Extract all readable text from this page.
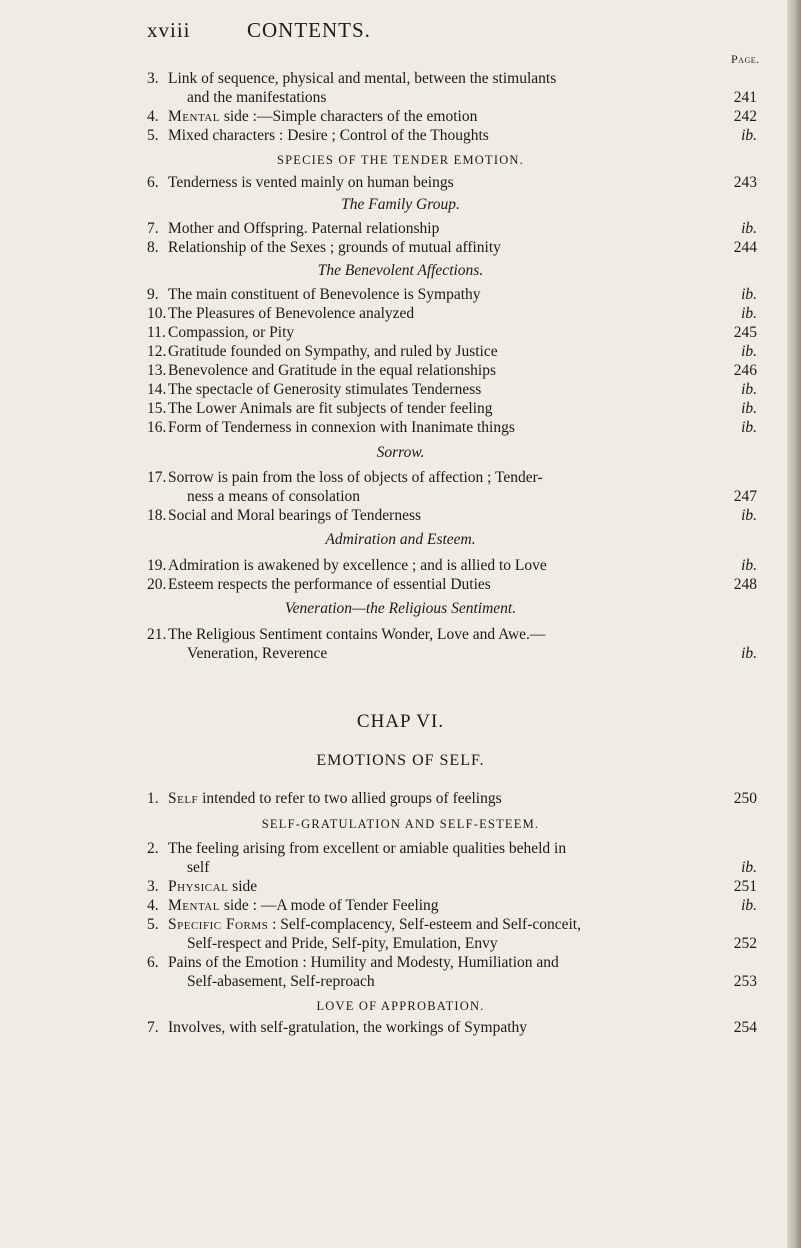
xviii	CONTENTS.
Page.
3. Link of sequence, physical and mental, between the stimulants
and the manifestations	241
4. Mental side :—Simple characters of the emotion	242
5. Mixed characters : Desire ; Control of the Thoughts	ib.
SPECIES OF THE TENDER EMOTION.
6. Tenderness is vented mainly on human beings	243
The Family Group.
7. Mother and Offspring. Paternal relationship	ib.
8. Relationship of the Sexes ; grounds of mutual affinity	244
The Benevolent Affections.
9. The main constituent of Benevolence is Sympathy	ib.
10. The Pleasures of Benevolence analyzed	ib.
11. Compassion, or Pity	245
12. Gratitude founded on Sympathy, and ruled by Justice	ib.
13. Benevolence and Gratitude in the equal relationships	246
14. The spectacle of Generosity stimulates Tenderness	ib.
15. The Lower Animals are fit subjects of tender feeling	ib.
16. Form of Tenderness in connexion with Inanimate things	ib.
Sorrow.
17. Sorrow is pain from the loss of objects of affection ; Tender-
ness a means of consolation	247
18. Social and Moral bearings of Tenderness	ib.
Admiration and Esteem.
19. Admiration is awakened by excellence ; and is allied to Love	ib.
20. Esteem respects the performance of essential Duties	248
Veneration—the Religious Sentiment.
21. The Religious Sentiment contains Wonder, Love and Awe.—
Veneration, Reverence	ib.
CHAP VI.
EMOTIONS OF SELF.
1. Self intended to refer to two allied groups of feelings	250
SELF-GRATULATION AND SELF-ESTEEM.
2. The feeling arising from excellent or amiable qualities beheld in
self	ib.
3. Physical side	251
4. Mental side : —A mode of Tender Feeling	ib.
5. Specific Forms : Self-complacency, Self-esteem and Self-conceit,
Self-respect and Pride, Self-pity, Emulation, Envy	252
6. Pains of the Emotion : Humility and Modesty, Humiliation and
Self-abasement, Self-reproach	253
LOVE OF APPROBATION.
7. Involves, with self-gratulation, the workings of Sympathy	254
